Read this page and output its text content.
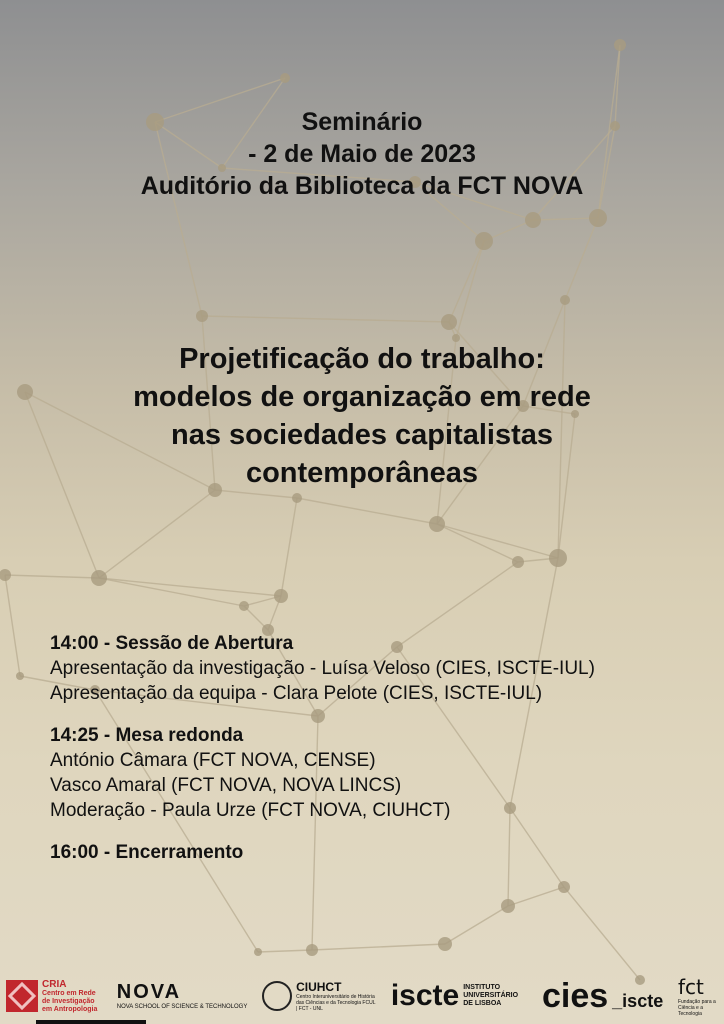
Seminário
- 2 de Maio de 2023
Auditório da Biblioteca da FCT NOVA
Projetificação do trabalho:
modelos de organização em rede
nas sociedades capitalistas
contemporâneas
14:00 - Sessão de Abertura
Apresentação da investigação - Luísa Veloso (CIES, ISCTE-IUL)
Apresentação da equipa - Clara Pelote (CIES, ISCTE-IUL)
14:25 - Mesa redonda
António Câmara (FCT NOVA, CENSE)
Vasco Amaral (FCT NOVA, NOVA LINCS)
Moderação - Paula Urze (FCT NOVA, CIUHCT)
16:00 - Encerramento
CRIA
Centro em Rede de Investigação em Antropologia
NOVA
NOVA SCHOOL OF SCIENCE & TECHNOLOGY
CIUHCT
Centro Interuniversitário de História das Ciências e da Tecnologia FCUL | FCT - UNL	iscte INSTITUTO UNIVERSITÁRIO DE LISBOA	cies _iscte
fct
Fundação para a Ciência e a Tecnologia
